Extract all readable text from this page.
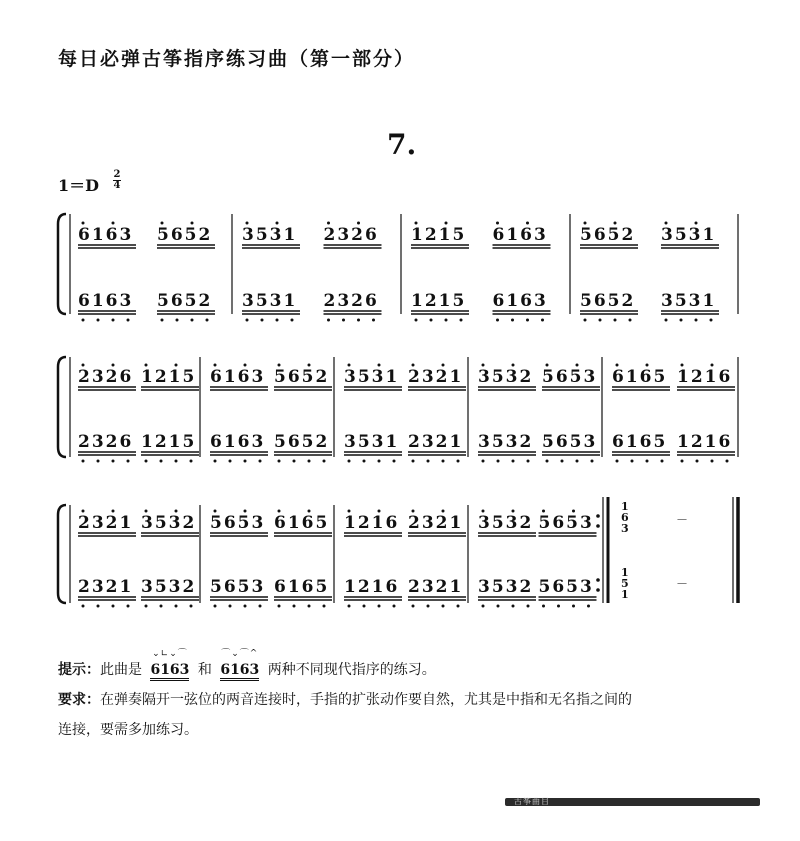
每日必弹古筝指序练习曲（第一部分）
7.
1＝D
2
4
6163 5652
6163 5652
3531 2326
3531 2326
1215 6163
1215 6163
5652 3531
5652 3531
2326 1215
2326 1215
6163 5652
6163 5652
3531 2321
3531 2321
3532 5653
3532 5653
6165 1216
6165 1216
2321 3532
2321 3532
5653 6165
5653 6165
1216 2321
1216 2321
3532 5653
3532 5653
1
6
3
1
5
1
－
－

提示：此曲是
⌄∟⌄⌒
6163 和
⌒⌄⌒^
6163 两种不同现代指序的练习。

要求：在弹奏隔开一弦位的两音连接时，手指的扩张动作要自然，尤其是中指和无名指之间的

连接，要需多加练习。

古筝曲目
